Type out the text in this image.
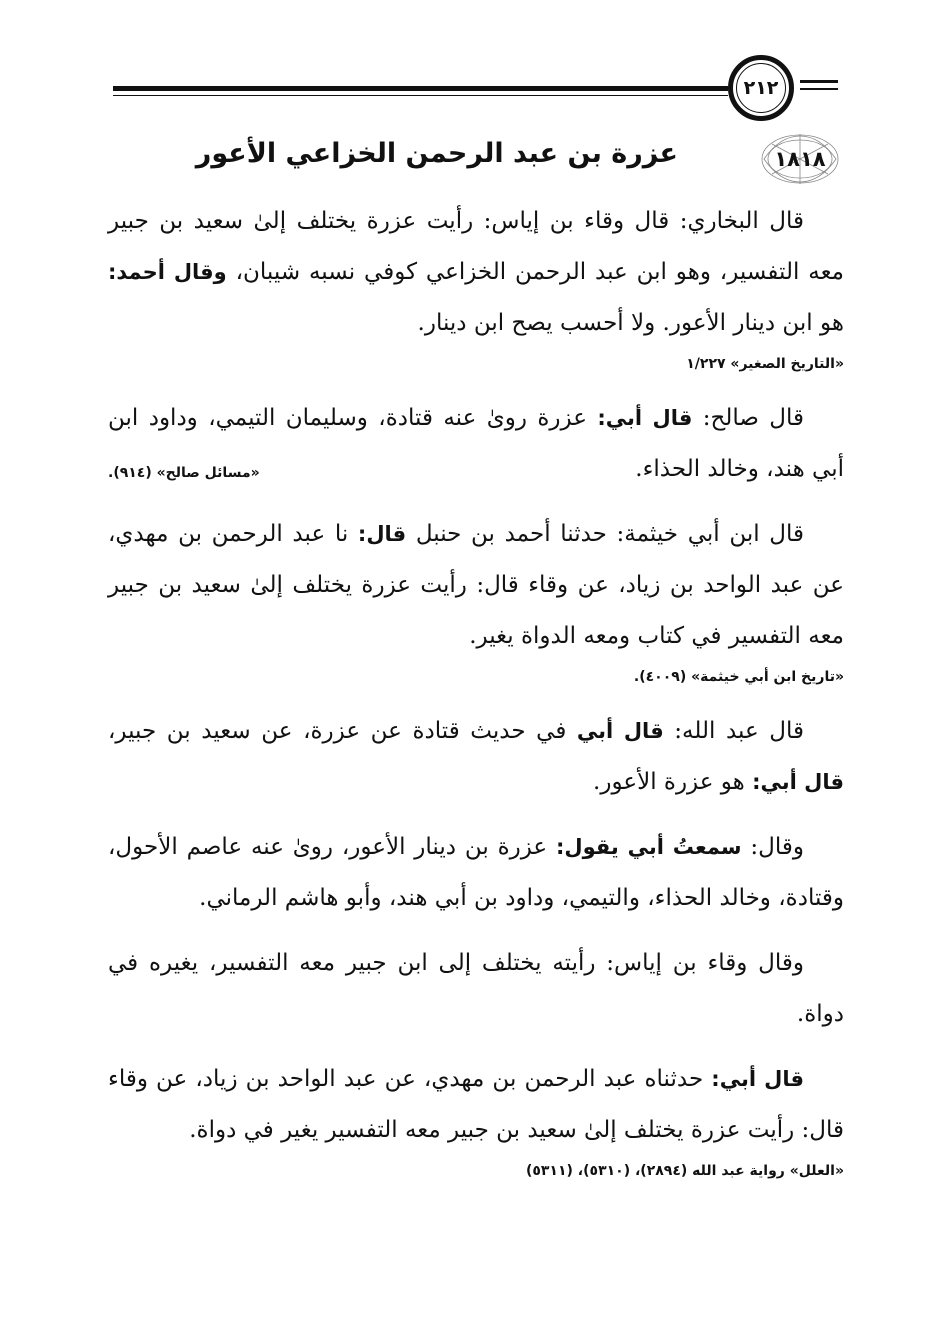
٢١٢
١٨١٨
عزرة بن عبد الرحمن الخزاعي الأعور

قال البخاري: قال وقاء بن إياس: رأيت عزرة يختلف إلىٰ سعيد بن جبير معه التفسير، وهو ابن عبد الرحمن الخزاعي كوفي نسبه شيبان، وقال أحمد: هو ابن دينار الأعور. ولا أحسب يصح ابن دينار.

«التاريخ الصغير» ١/٢٢٧

قال صالح: قال أبي: عزرة روىٰ عنه قتادة، وسليمان التيمي، وداود ابن أبي هند، وخالد الحذاء.
«مسائل صالح» (٩١٤).

قال ابن أبي خيثمة: حدثنا أحمد بن حنبل قال: نا عبد الرحمن بن مهدي، عن عبد الواحد بن زياد، عن وقاء قال: رأيت عزرة يختلف إلىٰ سعيد بن جبير معه التفسير في كتاب ومعه الدواة يغير.

«تاريخ ابن أبي خيثمة» (٤٠٠٩).

قال عبد الله: قال أبي في حديث قتادة عن عزرة، عن سعيد بن جبير، قال أبي: هو عزرة الأعور.

وقال: سمعتُ أبي يقول: عزرة بن دينار الأعور، روىٰ عنه عاصم الأحول، وقتادة، وخالد الحذاء، والتيمي، وداود بن أبي هند، وأبو هاشم الرماني.

وقال وقاء بن إياس: رأيته يختلف إلى ابن جبير معه التفسير، يغيره في دواة.

قال أبي: حدثناه عبد الرحمن بن مهدي، عن عبد الواحد بن زياد، عن وقاء قال: رأيت عزرة يختلف إلىٰ سعيد بن جبير معه التفسير يغير في دواة.

«العلل» رواية عبد الله (٢٨٩٤)، (٥٣١٠)، (٥٣١١)
